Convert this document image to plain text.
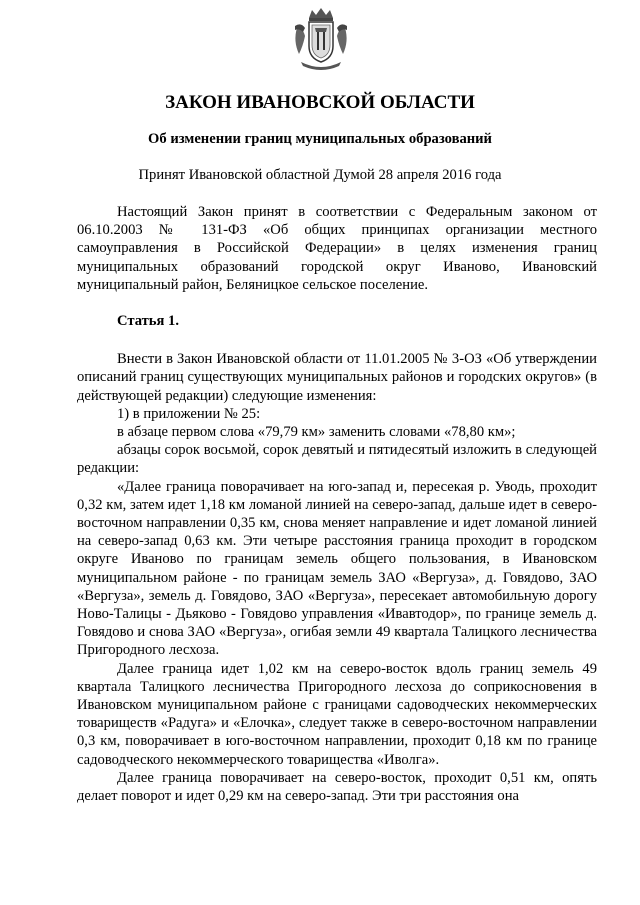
ЗАКОН ИВАНОВСКОЙ ОБЛАСТИ
Об изменении границ муниципальных образований
Принят Ивановской областной Думой 28 апреля 2016 года

Настоящий Закон принят в соответствии с Федеральным законом от 06.10.2003 № 131-ФЗ «Об общих принципах организации местного самоуправления в Российской Федерации» в целях изменения границ муниципальных образований городской округ Иваново, Ивановский муниципальный район, Беляницкое сельское поселение.

Статья 1.

Внести в Закон Ивановской области от 11.01.2005 № 3-ОЗ «Об утверждении описаний границ существующих муниципальных районов и городских округов» (в действующей редакции) следующие изменения:

1) в приложении № 25:

в абзаце первом слова «79,79 км» заменить словами «78,80 км»;

абзацы сорок восьмой, сорок девятый и пятидесятый изложить в следующей редакции:

«Далее граница поворачивает на юго-запад и, пересекая р. Уводь, проходит 0,32 км, затем идет 1,18 км ломаной линией на северо-запад, дальше идет в северо-восточном направлении 0,35 км, снова меняет направление и идет ломаной линией на северо-запад 0,63 км. Эти четыре расстояния граница проходит в городском округе Иваново по границам земель общего пользования, в Ивановском муниципальном районе - по границам земель ЗАО «Вергуза», д. Говядово, ЗАО «Вергуза», земель д. Говядово, ЗАО «Вергуза», пересекает автомобильную дорогу Ново-Талицы - Дьяково - Говядово управления «Ивавтодор», по границе земель д. Говядово и снова ЗАО «Вергуза», огибая земли 49 квартала Талицкого лесничества Пригородного лесхоза.

Далее граница идет 1,02 км на северо-восток вдоль границ земель 49 квартала Талицкого лесничества Пригородного лесхоза до соприкосновения в Ивановском муниципальном районе с границами садоводческих некоммерческих товариществ «Радуга» и «Елочка», следует также в северо-восточном направлении 0,3 км, поворачивает в юго-восточном направлении, проходит 0,18 км по границе садоводческого некоммерческого товарищества «Иволга».

Далее граница поворачивает на северо-восток, проходит 0,51 км, опять делает поворот и идет 0,29 км на северо-запад. Эти три расстояния она
